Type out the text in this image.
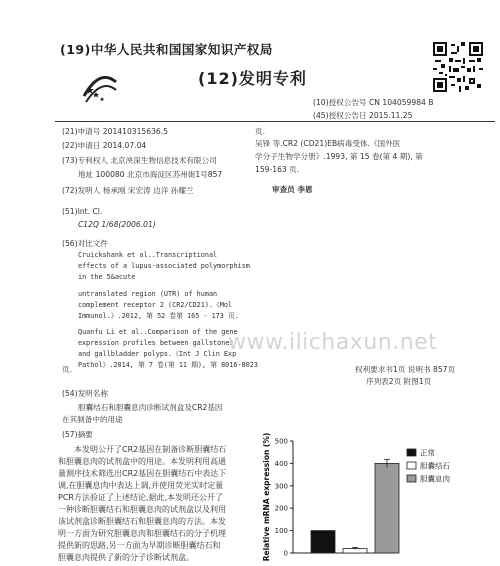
(19)中华人民共和国国家知识产权局
(12)发明专利
(10)授权公告号 CN 104059984 B
(45)授权公告日 2015.11.25
(21)申请号 201410315636.5
(22)申请日 2014.07.04
(73)专利权人 北京泱深生物信息技术有限公司
地址 100080 北京市海淀区苏州街1号857
(72)发明人 杨承刚 宋宏涛 边洋 孙耀兰
(51)Int. Cl.
C12Q 1/68(2006.01)
(56)对比文件
Cruickshank et al..Transcriptional
effects of a lupus-associated polymorphism
in the 5&acute
untranslated region (UTR) of human
complement receptor 2 (CR2/CD21).《Mol
Immunol.》.2012, 第 52 卷第 165 - 173 页.
Quanfu Li et al..Comparison of the gene
expression profiles between gallstones
and gallbladder polyps.《Int J Clin Exp
Pathol》.2014, 第 7 卷(第 11 期), 第 8016-8023
页.
吴锋 等.CR2 (CD21)EB病毒受体.《国外医
学分子生物学分册》.1993, 第 15 卷(第 4 期), 第
159-163 页.
审查员 李恩
www.ilichaxun.net
权利要求书1页 说明书 857页
序列表2页 附图1页
页.
(54)发明名称
胆囊结石和胆囊息肉诊断试剂盒及CR2基因
在其制备中的用途
(57)摘要
本发明公开了CR2基因在制备诊断胆囊结石
和胆囊息肉的试剂盒中的用途。本发明利用高通
量测序技术筛选出CR2基因在胆囊结石中表达下
调,在胆囊息肉中表达上调,并使用荧光实时定量
PCR方法验证了上述结论,据此,本发明还公开了
一种诊断胆囊结石和胆囊息肉的试剂盒以及利用
该试剂盒诊断胆囊结石和胆囊息肉的方法。本发
明一方面为研究胆囊息肉和胆囊结石的分子机理
提供新的思路,另一方面为早期诊断胆囊结石和
胆囊息肉提供了新的分子诊断试剂盒。	0
100
200
300
400
500
Relative mRNA expression (%)	正常
胆囊结石
胆囊息肉
